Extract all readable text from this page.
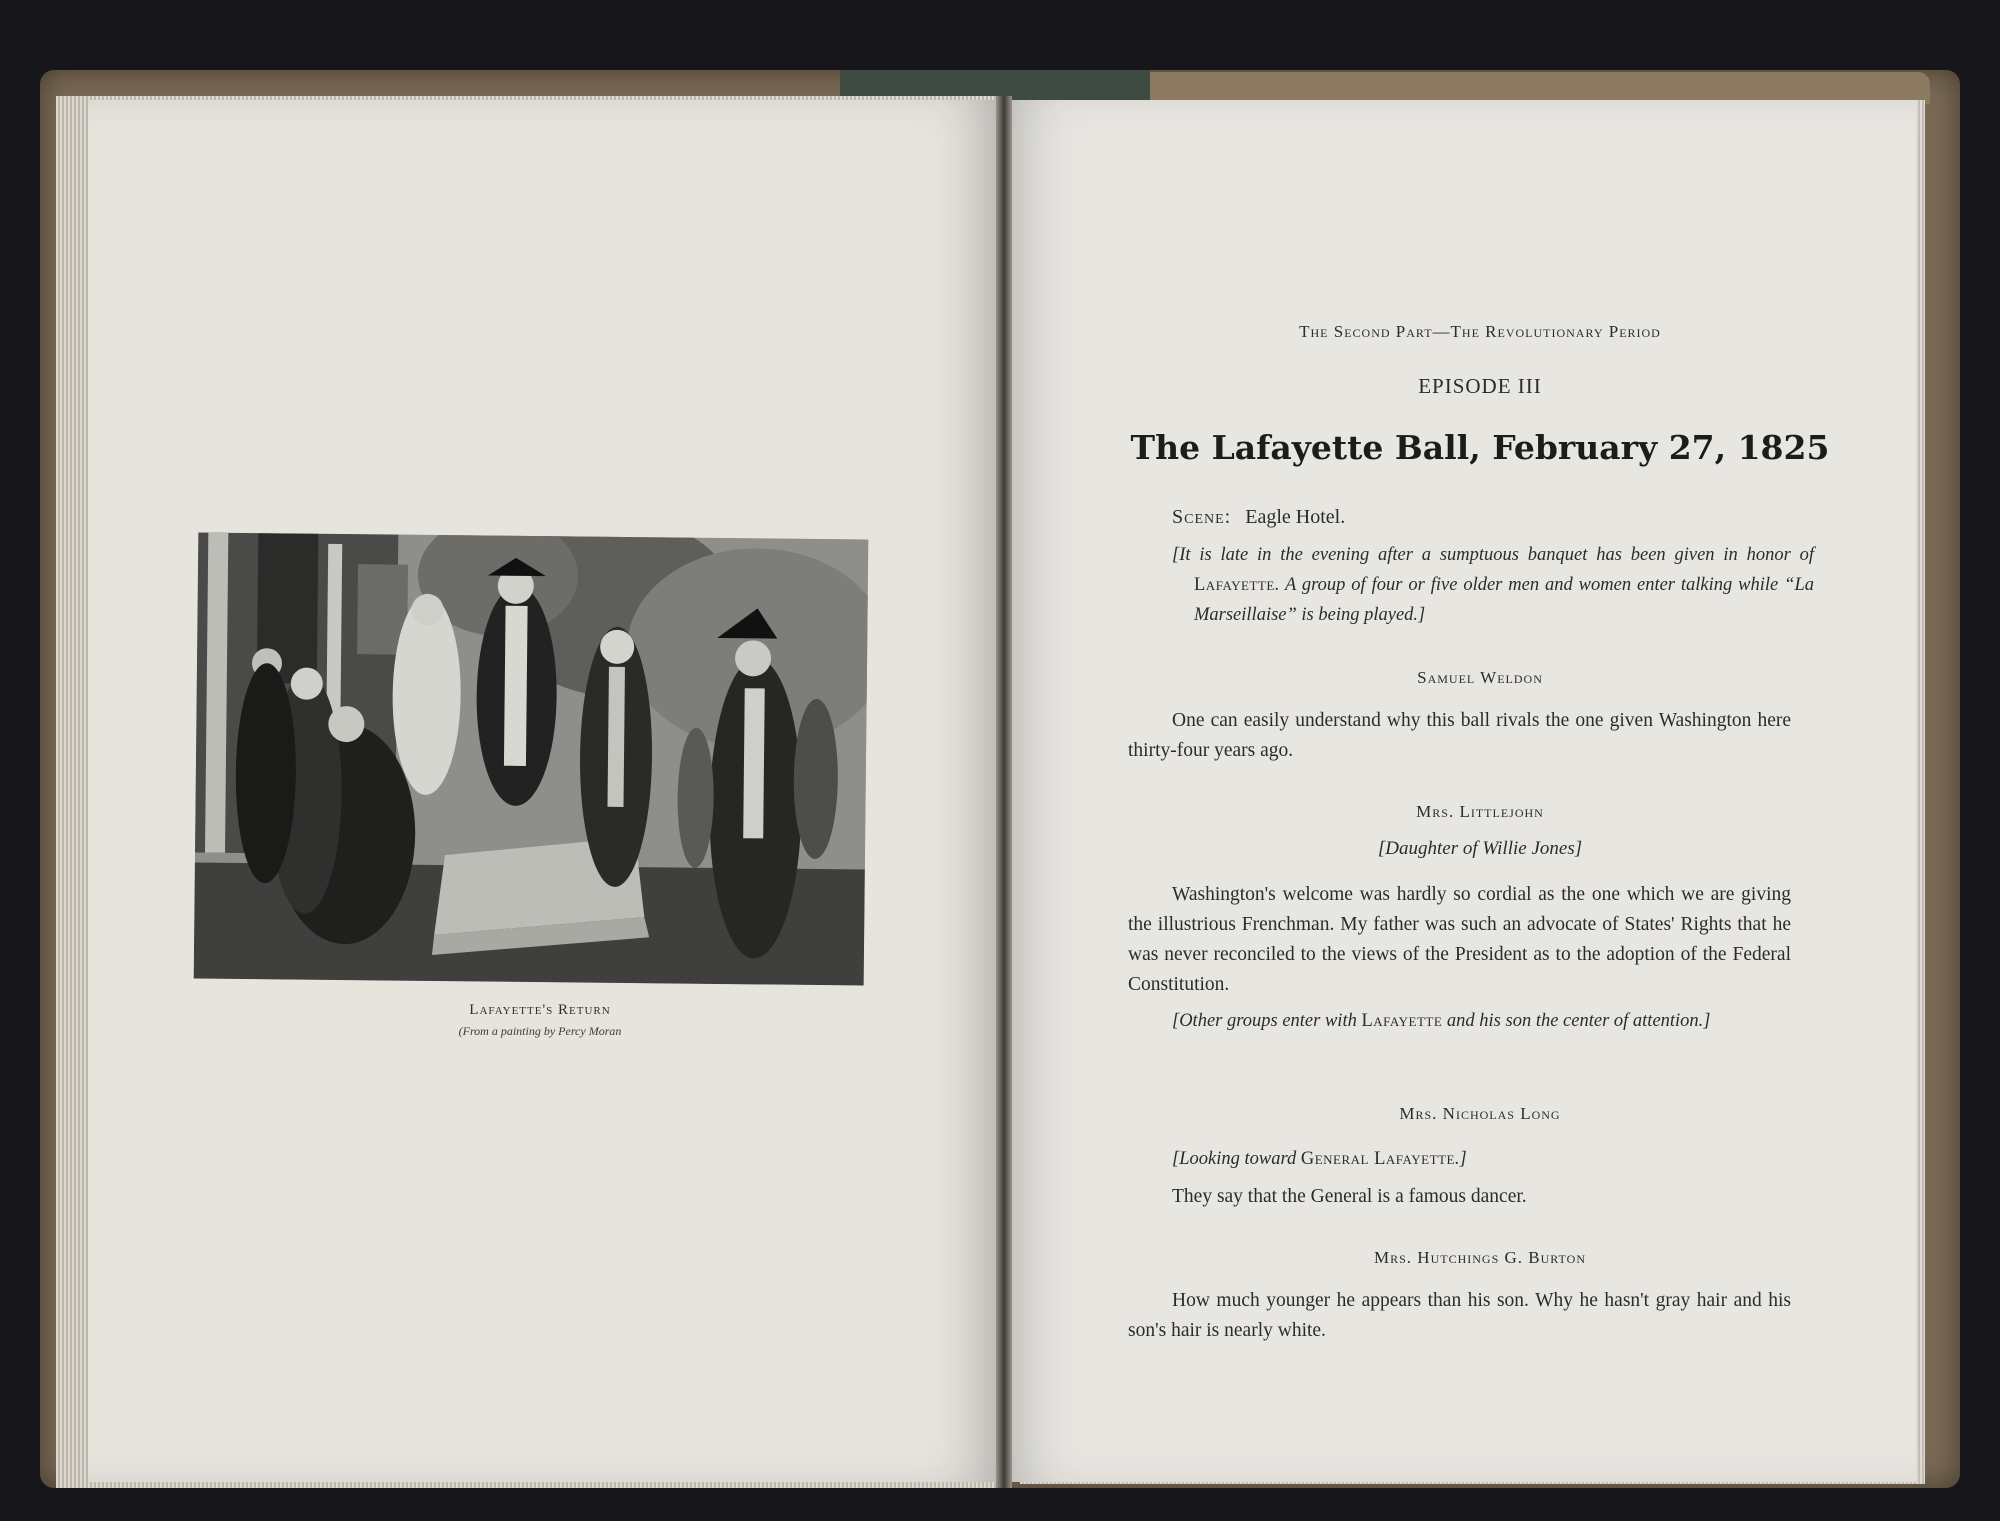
Lafayette's Return
(From a painting by Percy Moran
The Second Part—The Revolutionary Period
EPISODE III
The Lafayette Ball, February 27, 1825
Scene: Eagle Hotel.
[It is late in the evening after a sumptuous banquet has been given in honor of Lafayette. A group of four or five older men and women enter talking while “La Marseillaise” is being played.]
Samuel Weldon
One can easily understand why this ball rivals the one given Washington here thirty-four years ago.
Mrs. Littlejohn
[Daughter of Willie Jones]
Washington's welcome was hardly so cordial as the one which we are giving the illustrious Frenchman. My father was such an advocate of States' Rights that he was never reconciled to the views of the President as to the adoption of the Federal Constitution.
[Other groups enter with Lafayette and his son the center of attention.]
Mrs. Nicholas Long
[Looking toward General Lafayette.]
They say that the General is a famous dancer.
Mrs. Hutchings G. Burton
How much younger he appears than his son. Why he hasn't gray hair and his son's hair is nearly white.
